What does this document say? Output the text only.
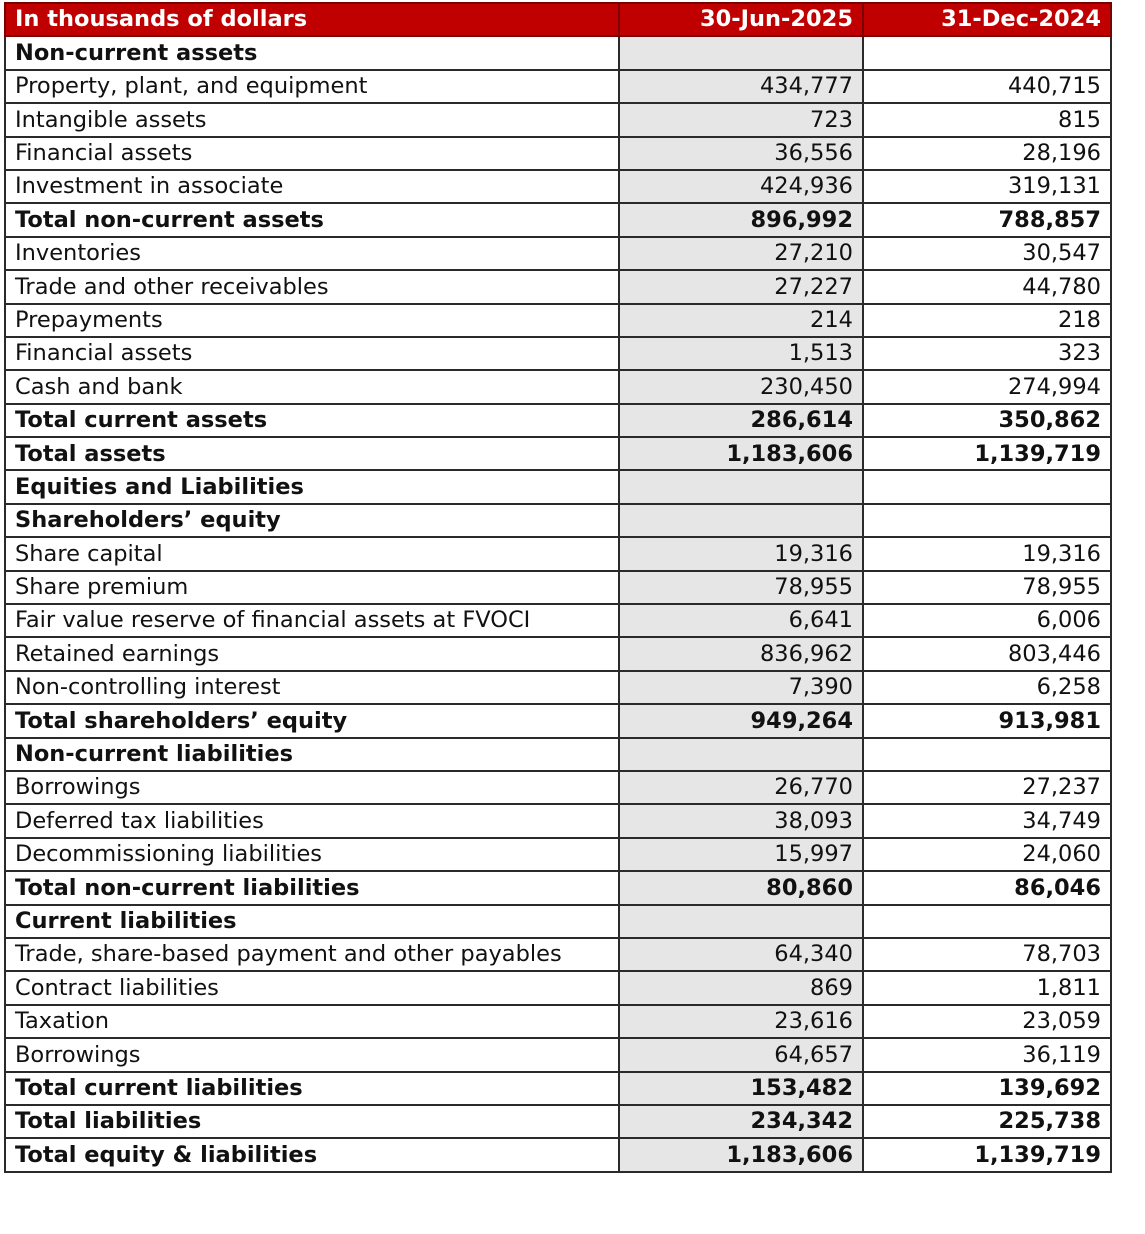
In thousands of dollars	30-Jun-2025	31-Dec-2024
Non-current assets		
Property, plant, and equipment	434,777	440,715
Intangible assets	723	815
Financial assets	36,556	28,196
Investment in associate	424,936	319,131
Total non-current assets	896,992	788,857
Inventories	27,210	30,547
Trade and other receivables	27,227	44,780
Prepayments	214	218
Financial assets	1,513	323
Cash and bank	230,450	274,994
Total current assets	286,614	350,862
Total assets	1,183,606	1,139,719
Equities and Liabilities		
Shareholders’ equity		
Share capital	19,316	19,316
Share premium	78,955	78,955
Fair value reserve of financial assets at FVOCI	6,641	6,006
Retained earnings	836,962	803,446
Non-controlling interest	7,390	6,258
Total shareholders’ equity	949,264	913,981
Non-current liabilities		
Borrowings	26,770	27,237
Deferred tax liabilities	38,093	34,749
Decommissioning liabilities	15,997	24,060
Total non-current liabilities	80,860	86,046
Current liabilities		
Trade, share-based payment and other payables	64,340	78,703
Contract liabilities	869	1,811
Taxation	23,616	23,059
Borrowings	64,657	36,119
Total current liabilities	153,482	139,692
Total liabilities	234,342	225,738
Total equity & liabilities	1,183,606	1,139,719
